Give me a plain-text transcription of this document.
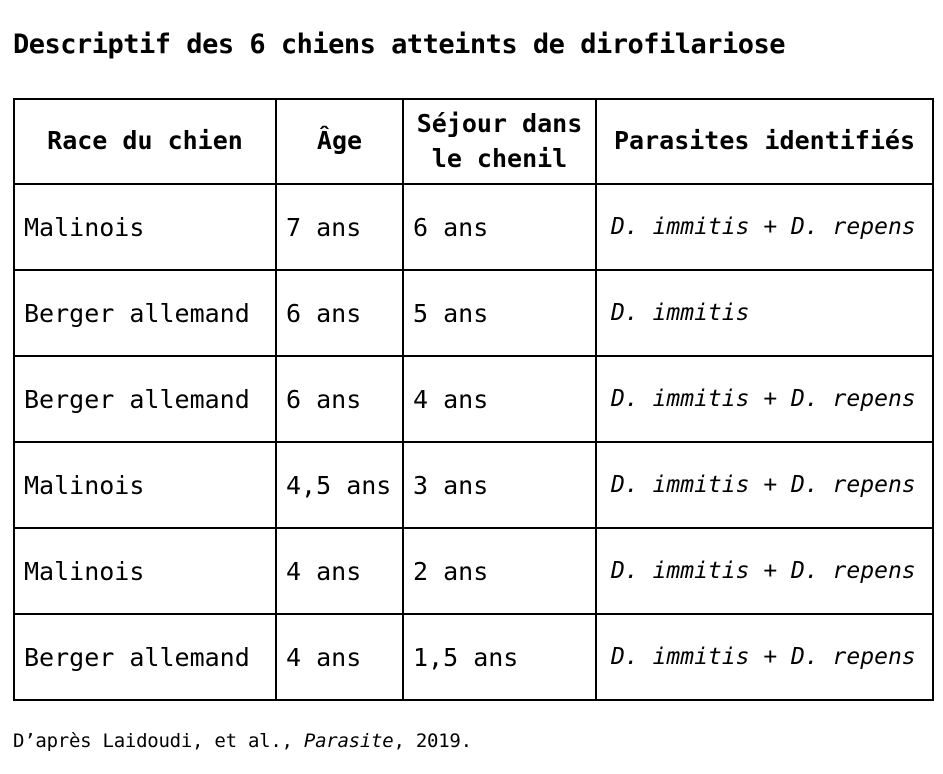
Descriptif des 6 chiens atteints de dirofilariose
Race du chien	Âge	Séjour dans le chenil	Parasites identifiés
Malinois	7 ans	6 ans	D. immitis + D. repens
Berger allemand	6 ans	5 ans	D. immitis
Berger allemand	6 ans	4 ans	D. immitis + D. repens
Malinois	4,5 ans	3 ans	D. immitis + D. repens
Malinois	4 ans	2 ans	D. immitis + D. repens
Berger allemand	4 ans	1,5 ans	D. immitis + D. repens

D’après Laidoudi, et al., Parasite, 2019.
